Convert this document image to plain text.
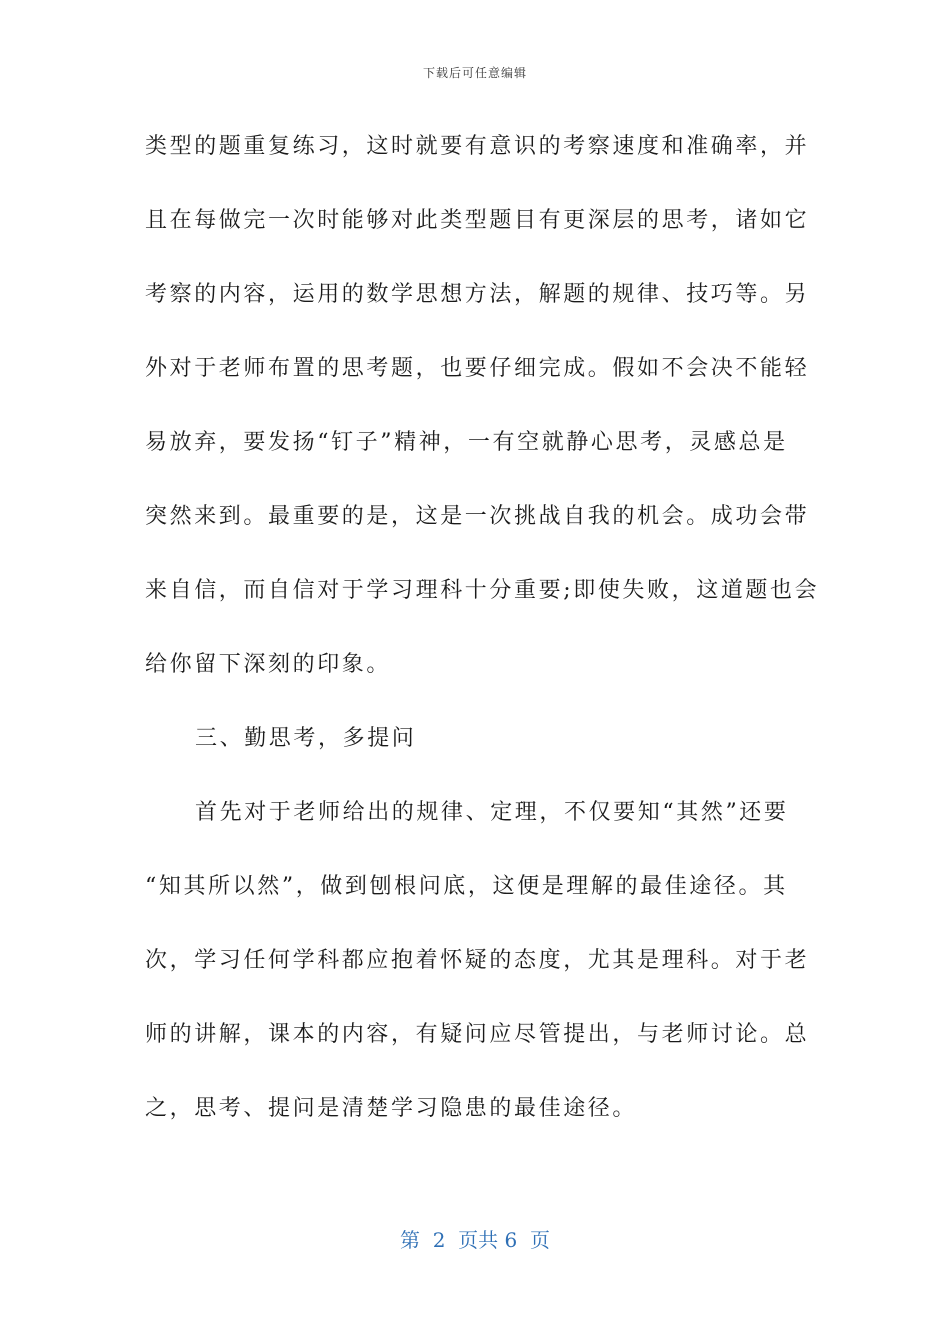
下载后可任意编辑
类型的题重复练习，这时就要有意识的考察速度和准确率，并
且在每做完一次时能够对此类型题目有更深层的思考，诸如它
考察的内容，运用的数学思想方法，解题的规律、技巧等。另
外对于老师布置的思考题，也要仔细完成。假如不会决不能轻
易放弃，要发扬“钉子”精神，一有空就静心思考，灵感总是
突然来到。最重要的是，这是一次挑战自我的机会。成功会带
来自信，而自信对于学习理科十分重要;即使失败，这道题也会
给你留下深刻的印象。
三、勤思考，多提问
首先对于老师给出的规律、定理，不仅要知“其然”还要
“知其所以然”，做到刨根问底，这便是理解的最佳途径。其
次，学习任何学科都应抱着怀疑的态度，尤其是理科。对于老
师的讲解，课本的内容，有疑问应尽管提出，与老师讨论。总
之，思考、提问是清楚学习隐患的最佳途径。
第  2  页共 6  页
